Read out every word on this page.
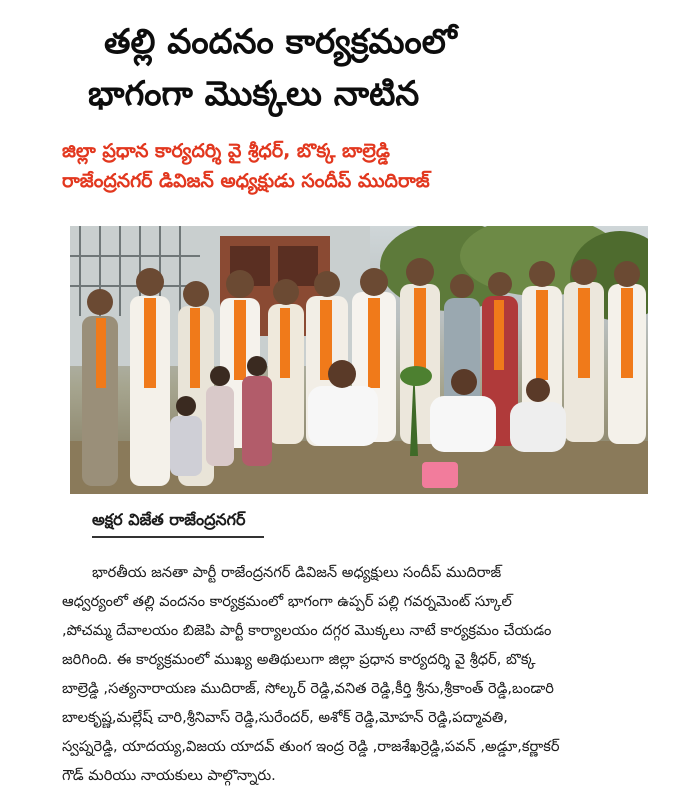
తల్లి వందనం కార్యక్రమంలో
భాగంగా మొక్కలు నాటిన
జిల్లా ప్రధాన కార్యదర్శి వై శ్రీధర్, బొక్క బాల్రెడ్డి
రాజేంద్రనగర్ డివిజన్ అధ్యక్షుడు సందీప్ ముదిరాజ్
అక్షర విజేత రాజేంద్రనగర్
భారతీయ జనతా పార్టీ రాజేంద్రనగర్ డివిజన్ అధ్యక్షులు సందీప్ ముదిరాజ్
ఆధ్వర్యంలో తల్లి వందనం కార్యక్రమంలో భాగంగా ఉప్పర్ పల్లి గవర్నమెంట్ స్కూల్
,పోచమ్మ దేవాలయం బిజెపి పార్టీ కార్యాలయం దగ్గర మొక్కలు నాటే కార్యక్రమం చేయడం
జరిగింది. ఈ కార్యక్రమంలో ముఖ్య అతిథులుగా జిల్లా ప్రధాన కార్యదర్శి వై శ్రీధర్, బొక్క
బాల్రెడ్డి ,సత్యనారాయణ ముదిరాజ్, సోల్కర్ రెడ్డి,వనిత రెడ్డి,కీర్తి శ్రీను,శ్రీకాంత్ రెడ్డి,బండారి
బాలకృష్ణ,మల్లేష్ చారి,శ్రీనివాస్ రెడ్డి,సురేందర్, అశోక్ రెడ్డి,మోహన్ రెడ్డి,పద్మావతి,
స్వప్నరెడ్డి, యాదయ్య,విజయ యాదవ్ తుంగ ఇంద్ర రెడ్డి ,రాజశేఖర్రెడ్డి,పవన్ ,అడ్డూ,కర్ణాకర్
గౌడ్ మరియు నాయకులు పాల్గొన్నారు.
